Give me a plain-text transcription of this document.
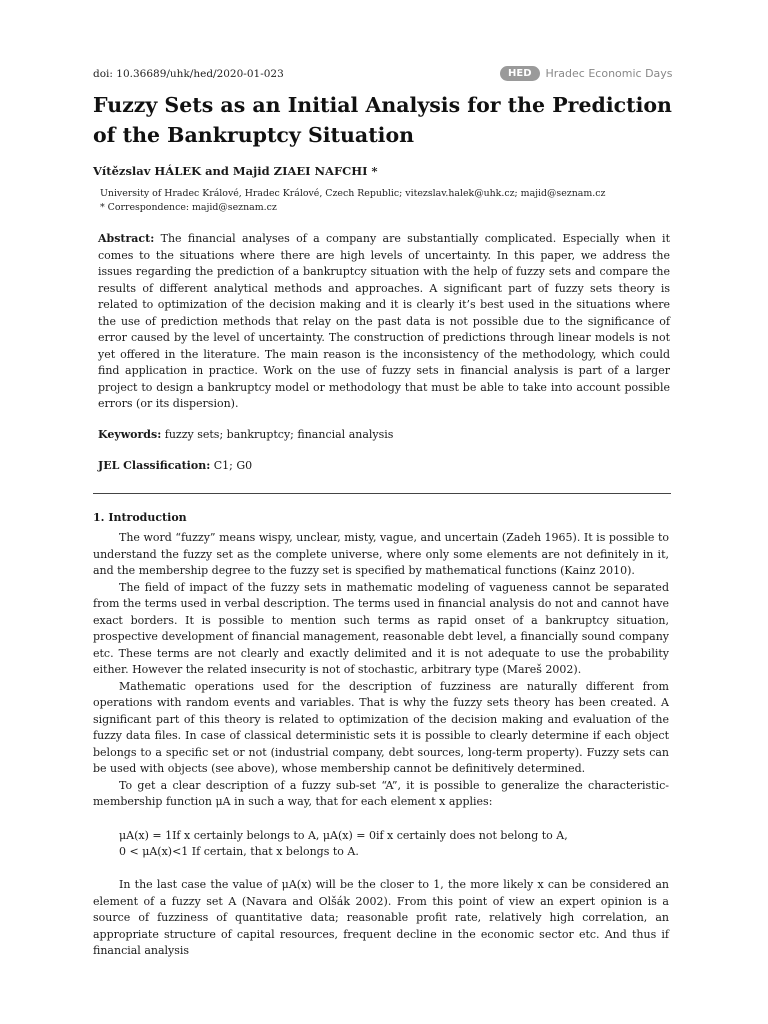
doi: 10.36689/uhk/hed/2020-01-023	HED	Hradec Economic Days
Fuzzy Sets as an Initial Analysis for the Prediction of the Bankruptcy Situation
Vítězslav HÁLEK and Majid ZIAEI NAFCHI *
University of Hradec Králové, Hradec Králové, Czech Republic; vitezslav.halek@uhk.cz; majid@seznam.cz
* Correspondence: majid@seznam.cz

Abstract: The financial analyses of a company are substantially complicated. Especially when it comes to the situations where there are high levels of uncertainty. In this paper, we address the issues regarding the prediction of a bankruptcy situation with the help of fuzzy sets and compare the results of different analytical methods and approaches. A significant part of fuzzy sets theory is related to optimization of the decision making and it is clearly it’s best used in the situations where the use of prediction methods that relay on the past data is not possible due to the significance of error caused by the level of uncertainty. The construction of predictions through linear models is not yet offered in the literature. The main reason is the inconsistency of the methodology, which could find application in practice. Work on the use of fuzzy sets in financial analysis is part of a larger project to design a bankruptcy model or methodology that must be able to take into account possible errors (or its dispersion).

Keywords: fuzzy sets; bankruptcy; financial analysis
JEL Classification: C1; G0
1. Introduction

The word “fuzzy” means wispy, unclear, misty, vague, and uncertain (Zadeh 1965). It is possible to understand the fuzzy set as the complete universe, where only some elements are not definitely in it, and the membership degree to the fuzzy set is specified by mathematical functions (Kainz 2010).

The field of impact of the fuzzy sets in mathematic modeling of vagueness cannot be separated from the terms used in verbal description. The terms used in financial analysis do not and cannot have exact borders. It is possible to mention such terms as rapid onset of a bankruptcy situation, prospective development of financial management, reasonable debt level, a financially sound company etc. These terms are not clearly and exactly delimited and it is not adequate to use the probability either. However the related insecurity is not of stochastic, arbitrary type (Mareš 2002).

Mathematic operations used for the description of fuzziness are naturally different from operations with random events and variables. That is why the fuzzy sets theory has been created. A significant part of this theory is related to optimization of the decision making and evaluation of the fuzzy data files. In case of classical deterministic sets it is possible to clearly determine if each object belongs to a specific set or not (industrial company, debt sources, long-term property). Fuzzy sets can be used with objects (see above), whose membership cannot be definitively determined.

To get a clear description of a fuzzy sub-set “A”, it is possible to generalize the characteristic-membership function μA in such a way, that for each element x applies:

μA(x) = 1If x certainly belongs to A, μA(x) = 0if x certainly does not belong to A,
0 < μA(x)<1 If certain, that x belongs to A.

In the last case the value of μA(x) will be the closer to 1, the more likely x can be considered an element of a fuzzy set A (Navara and Olšák 2002). From this point of view an expert opinion is a source of fuzziness of quantitative data; reasonable profit rate, relatively high correlation, an appropriate structure of capital resources, frequent decline in the economic sector etc. And thus if financial analysis
